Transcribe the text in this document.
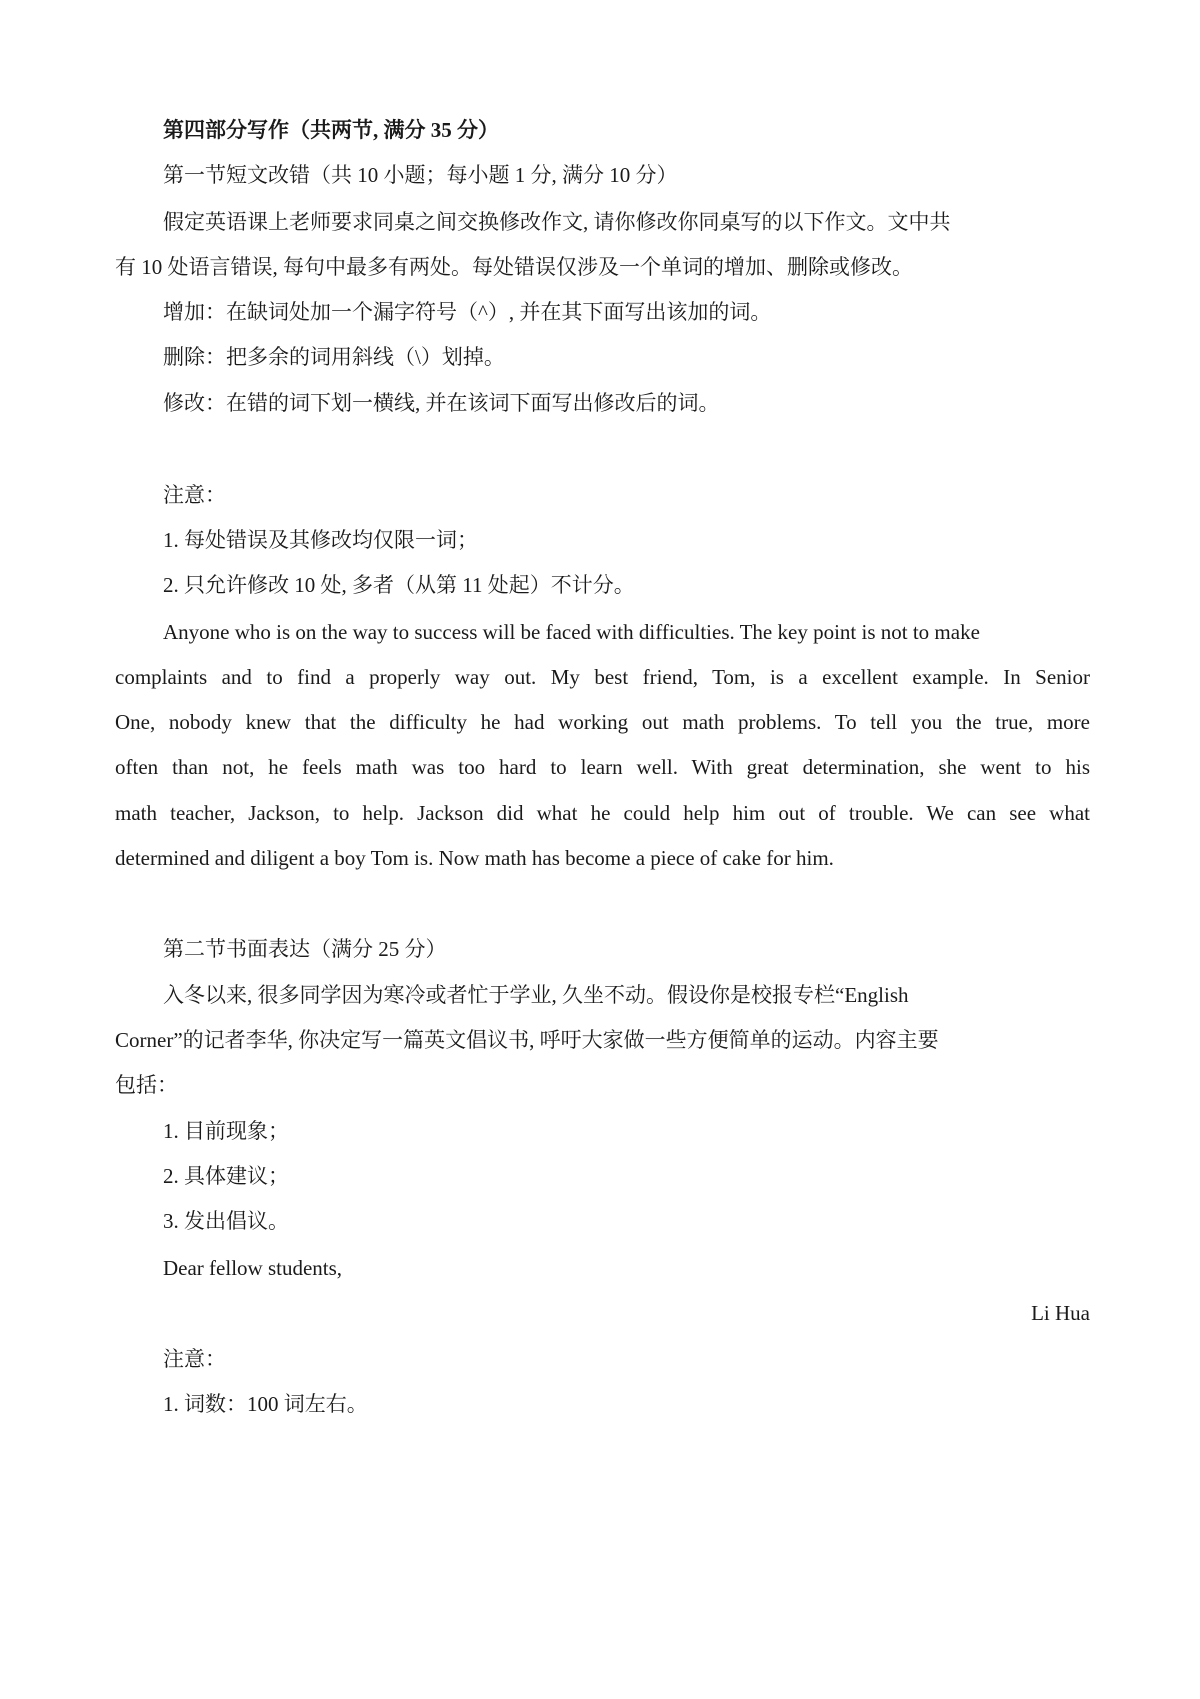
第四部分写作（共两节, 满分 35 分）
第一节短文改错（共 10 小题；每小题 1 分, 满分 10 分）
假定英语课上老师要求同桌之间交换修改作文, 请你修改你同桌写的以下作文。文中共
有 10 处语言错误, 每句中最多有两处。每处错误仅涉及一个单词的增加、删除或修改。
增加：在缺词处加一个漏字符号（^）, 并在其下面写出该加的词。
删除：把多余的词用斜线（\）划掉。
修改：在错的词下划一横线, 并在该词下面写出修改后的词。
注意：
1. 每处错误及其修改均仅限一词；
2. 只允许修改 10 处, 多者（从第 11 处起）不计分。
Anyone who is on the way to success will be faced with difficulties. The key point is not to make
complaints and to find a properly way out. My best friend, Tom, is a excellent example. In Senior
One, nobody knew that the difficulty he had working out math problems. To tell you the true, more
often than not, he feels math was too hard to learn well. With great determination, she went to his
math teacher, Jackson, to help. Jackson did what he could help him out of trouble. We can see what
determined and diligent a boy Tom is. Now math has become a piece of cake for him.
第二节书面表达（满分 25 分）
入冬以来, 很多同学因为寒冷或者忙于学业, 久坐不动。假设你是校报专栏“English
Corner”的记者李华, 你决定写一篇英文倡议书, 呼吁大家做一些方便简单的运动。内容主要
包括：
1. 目前现象；
2. 具体建议；
3. 发出倡议。
Dear fellow students,
Li Hua
注意：
1. 词数：100 词左右。
